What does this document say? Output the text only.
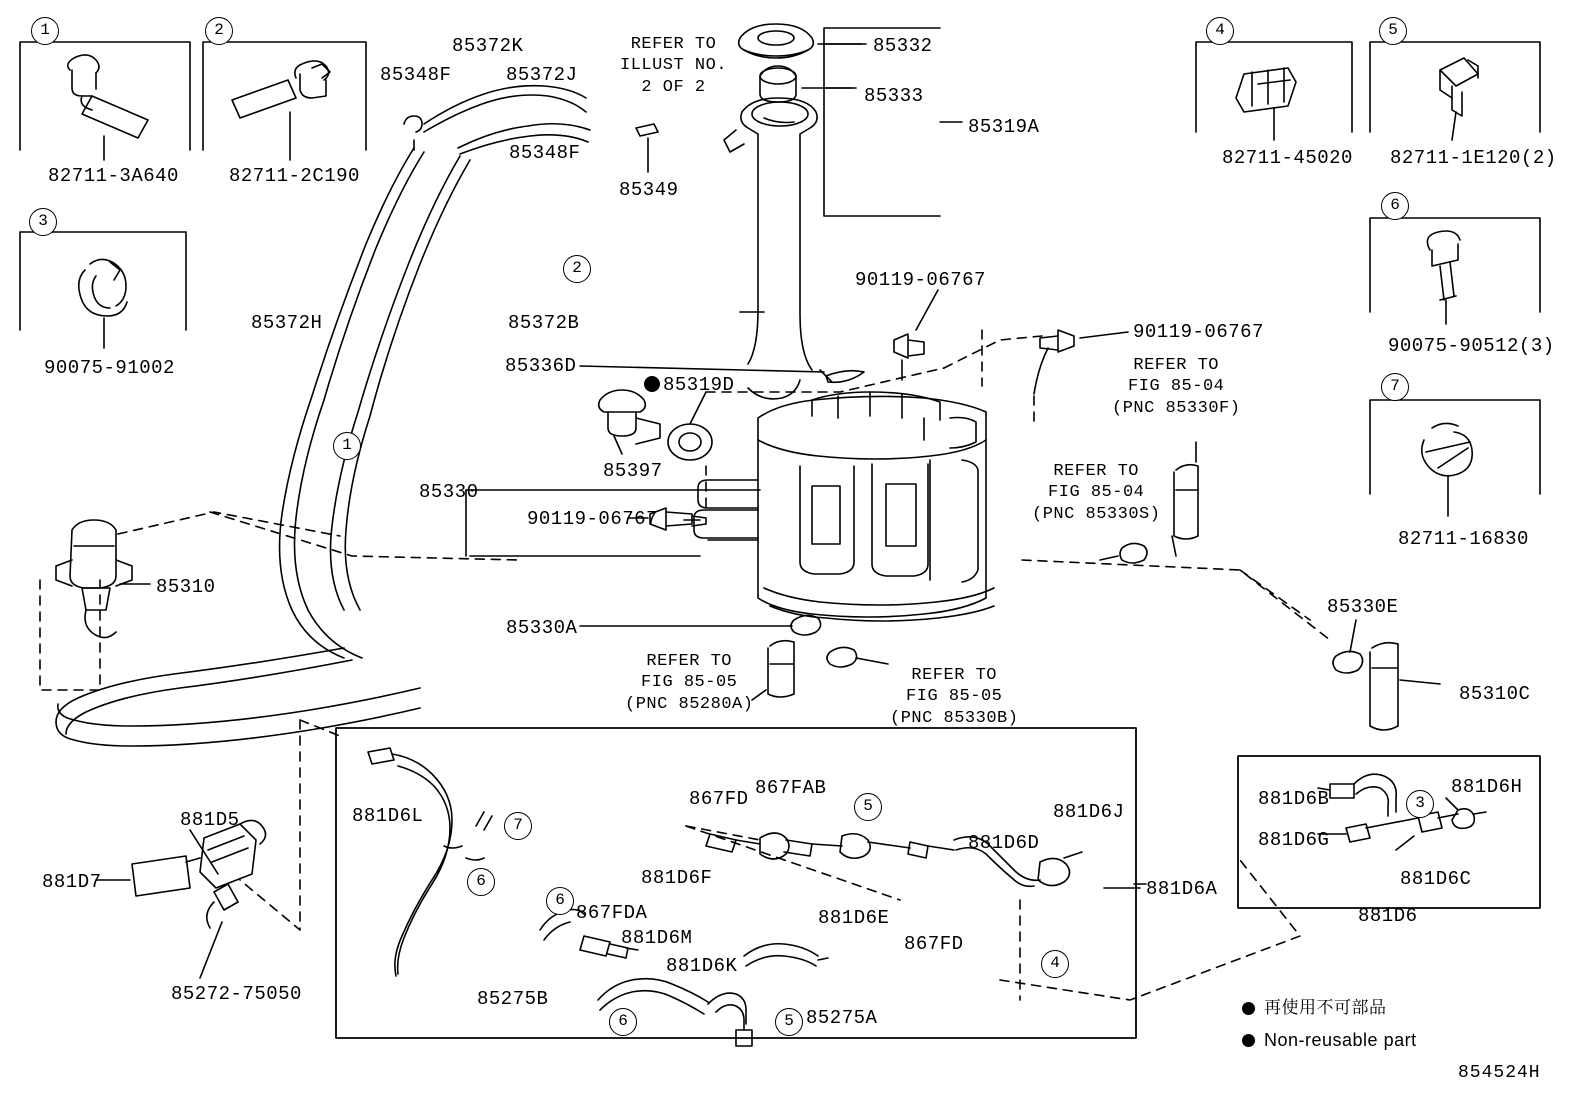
82711-3A640	82711-2C190
90075-91002
82711-45020 82711-1E120(2)
90075-90512(3)
82711-16830
85348F
85372K
85372J
85348F
85349
85332
85333
85319A
90119-06767
90119-06767
85372H	85372B
85336D
85319D
85397
85330
90119-06767
85310
85330A
85330E
85310C
881D5
881D7
85272-75050
881D6L
867FD 867FAB
881D6F
881D6E
867FD
881D6D
881D6J
881D6A
867FDA
881D6M
881D6K
85275B
85275A
881D6B
881D6H
881D6G
881D6C
881D6
REFER TO
ILLUST NO.
2 OF 2
REFER TO
FIG 85-04
(PNC 85330F)
REFER TO
FIG 85-04
(PNC 85330S)
REFER TO
FIG 85-05
(PNC 85280A)
REFER TO
FIG 85-05
(PNC 85330B)
1	2
3
4	5
6
7
2
1
7
6
6
6	5
5
4
3
再使用不可部品
Non-reusable part
854524H
